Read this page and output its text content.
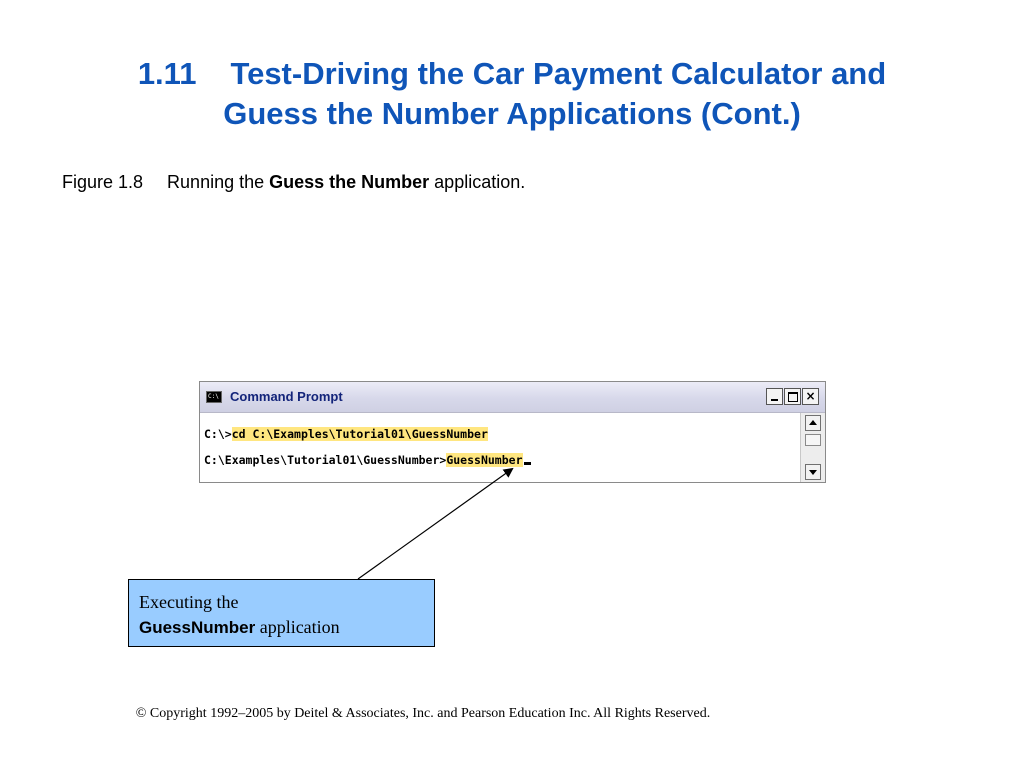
1.11 Test-Driving the Car Payment Calculator and
Guess the Number Applications (Cont.)
Figure 1.8 Running the Guess the Number application.
C:\ Command Prompt	×
C:\>cd C:\Examples\Tutorial01\GuessNumber
C:\Examples\Tutorial01\GuessNumber>GuessNumber
Executing the
GuessNumber application
© Copyright 1992–2005 by Deitel & Associates, Inc. and Pearson Education Inc. All Rights Reserved.
